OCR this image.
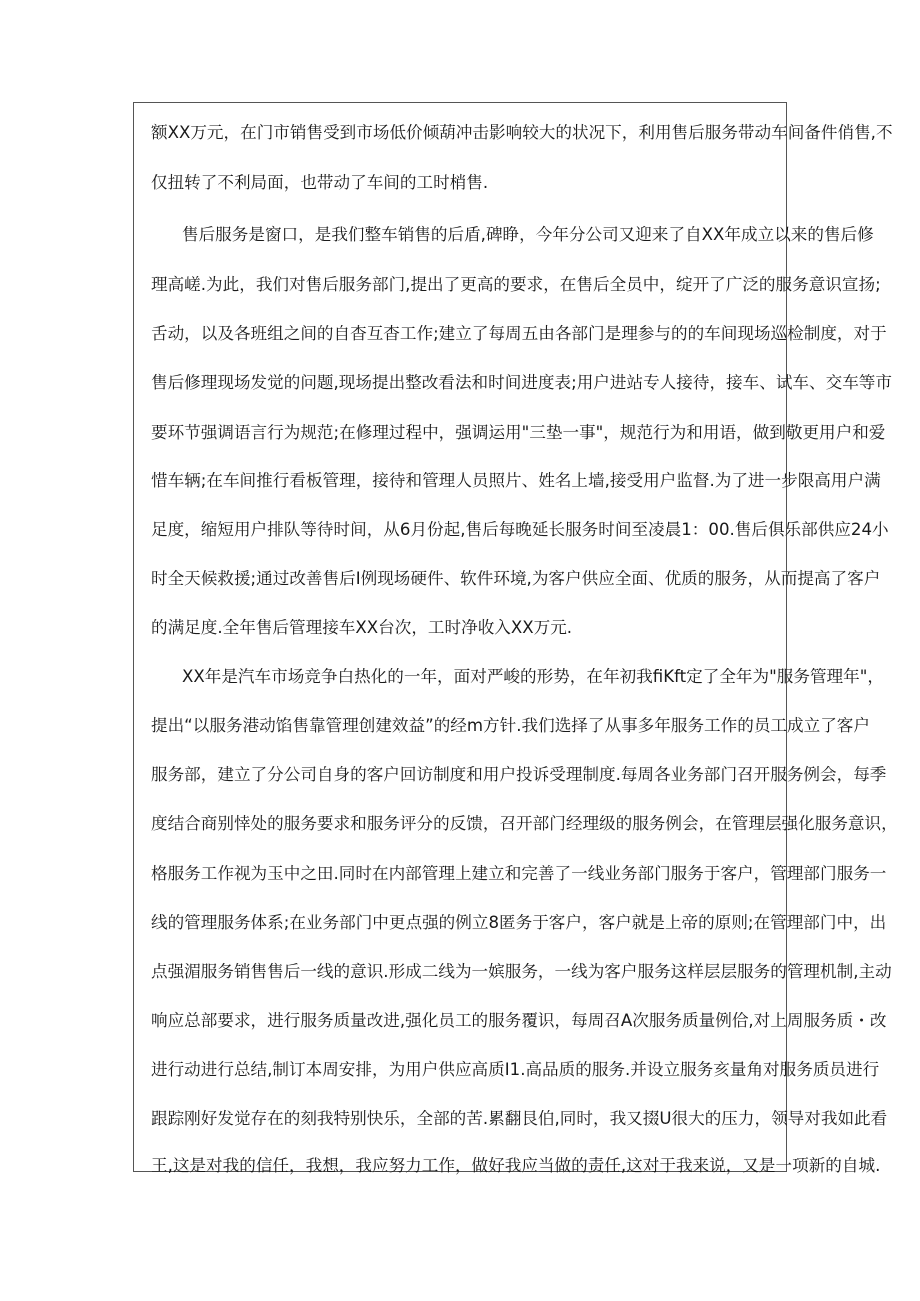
额XX万元，在门市销售受到市场低价倾葫冲击影响较大的状况下，利用售后服务带动车间备件俏售,不
仅扭转了不利局面，也带动了车间的工时梢售.
售后服务是窗口，是我们整车销售的后盾,碑睁，今年分公司又迎来了自XX年成立以来的售后修
理高嵯.为此，我们对售后服务部门,提出了更高的要求，在售后全员中，绽开了广泛的服务意识宣扬;
舌动，以及各班组之间的自杳互杳工作;建立了每周五由各部门是理参与的的车间现场巡检制度，对于
售后修理现场发觉的问题,现场提出整改看法和时间进度表;用户进站专人接待，接车、试车、交车等市
要环节强调语言行为规范;在修理过程中，强调运用"三垫一事"，规范行为和用语，做到敬更用户和爱
惜车辆;在车间推行看板管理，接待和管理人员照片、姓名上墙,接受用户监督.为了进一步限高用户满
足度，缩短用户排队等待时间，从6月份起,售后每晚延长服务时间至凌晨1：00.售后俱乐部供应24小
时全天候救援;通过改善售后I例现场硬件、软件环境,为客户供应全面、优质的服务，从而提高了客户
的满足度.全年售后管理接车XX台次，工时净收入XX万元.
XX年是汽车市场竞争白热化的一年，面对严峻的形势，在年初我fiKft定了全年为"服务管理年"，
提出“以服务港动馅售靠管理创建效益”的经m方针.我们选择了从事多年服务工作的员工成立了客户
服务部，建立了分公司自身的客户回访制度和用户投诉受理制度.每周各业务部门召开服务例会，每季
度结合商别悻处的服务要求和服务评分的反馈，召开部门经理级的服务例会，在管理层强化服务意识，
格服务工作视为玉中之田.同时在内部管理上建立和完善了一线业务部门服务于客户，管理部门服务一
线的管理服务体系;在业务部门中更点强的例立8匿务于客户，客户就是上帝的原则;在管理部门中，出
点强湄服务销售售后一线的意识.形成二线为一嫔服务，一线为客户服务这样层层服务的管理机制,主动
响应总部要求，进行服务质量改进,强化员工的服务覆识，每周召A次服务质量例佮,对上周服务质・改
进行动进行总结,制订本周安排，为用户供应高质I1.高品质的服务.并设立服务亥量角对服务质员进行
跟踪刚好发觉存在的刻我特别快乐，全部的苦.累翻艮伯,同时，我又掇U很大的压力，领导对我如此看
王,这是对我的信任，我想，我应努力工作，做好我应当做的责任,这对于我来说，又是一项新的自城.
